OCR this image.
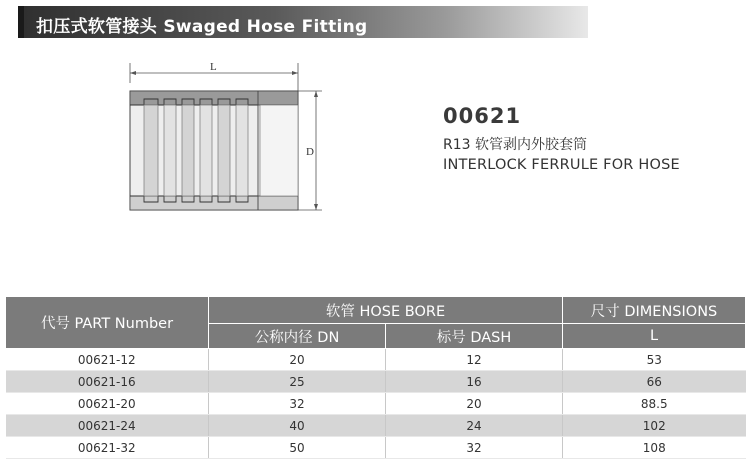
扣压式软管接头 Swaged Hose Fitting
L
D
00621
R13 软管剥内外胶套筒
INTERLOCK FERRULE FOR HOSE
代号 PART Number	软管 HOSE BORE		尺寸 DIMENSIONS
	公称内径 DN	标号 DASH	L
00621-12	20	12	53
00621-16	25	16	66
00621-20	32	20	88.5
00621-24	40	24	102
00621-32	50	32	108
